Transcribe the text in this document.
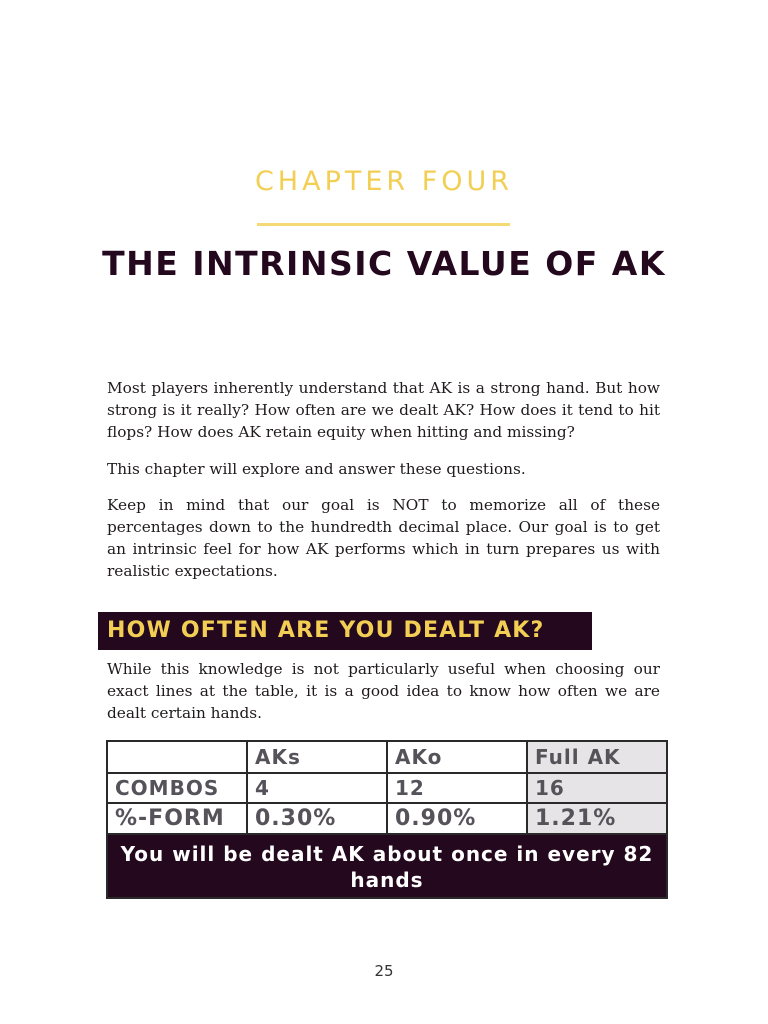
CHAPTER FOUR
THE INTRINSIC VALUE OF AK

Most players inherently understand that AK is a strong hand. But how strong is it really? How often are we dealt AK? How does it tend to hit flops? How does AK retain equity when hitting and missing?

This chapter will explore and answer these questions.

Keep in mind that our goal is NOT to memorize all of these percentages down to the hundredth decimal place. Our goal is to get an intrinsic feel for how AK performs which in turn prepares us with realistic expectations.

HOW OFTEN ARE YOU DEALT AK?

While this knowledge is not particularly useful when choosing our exact lines at the table, it is a good idea to know how often we are dealt certain hands.

	AKs	AKo	Full AK
COMBOS	4	12	16
%-FORM	0.30%	0.90%	1.21%
You will be dealt AK about once in every 82 hands			
25
